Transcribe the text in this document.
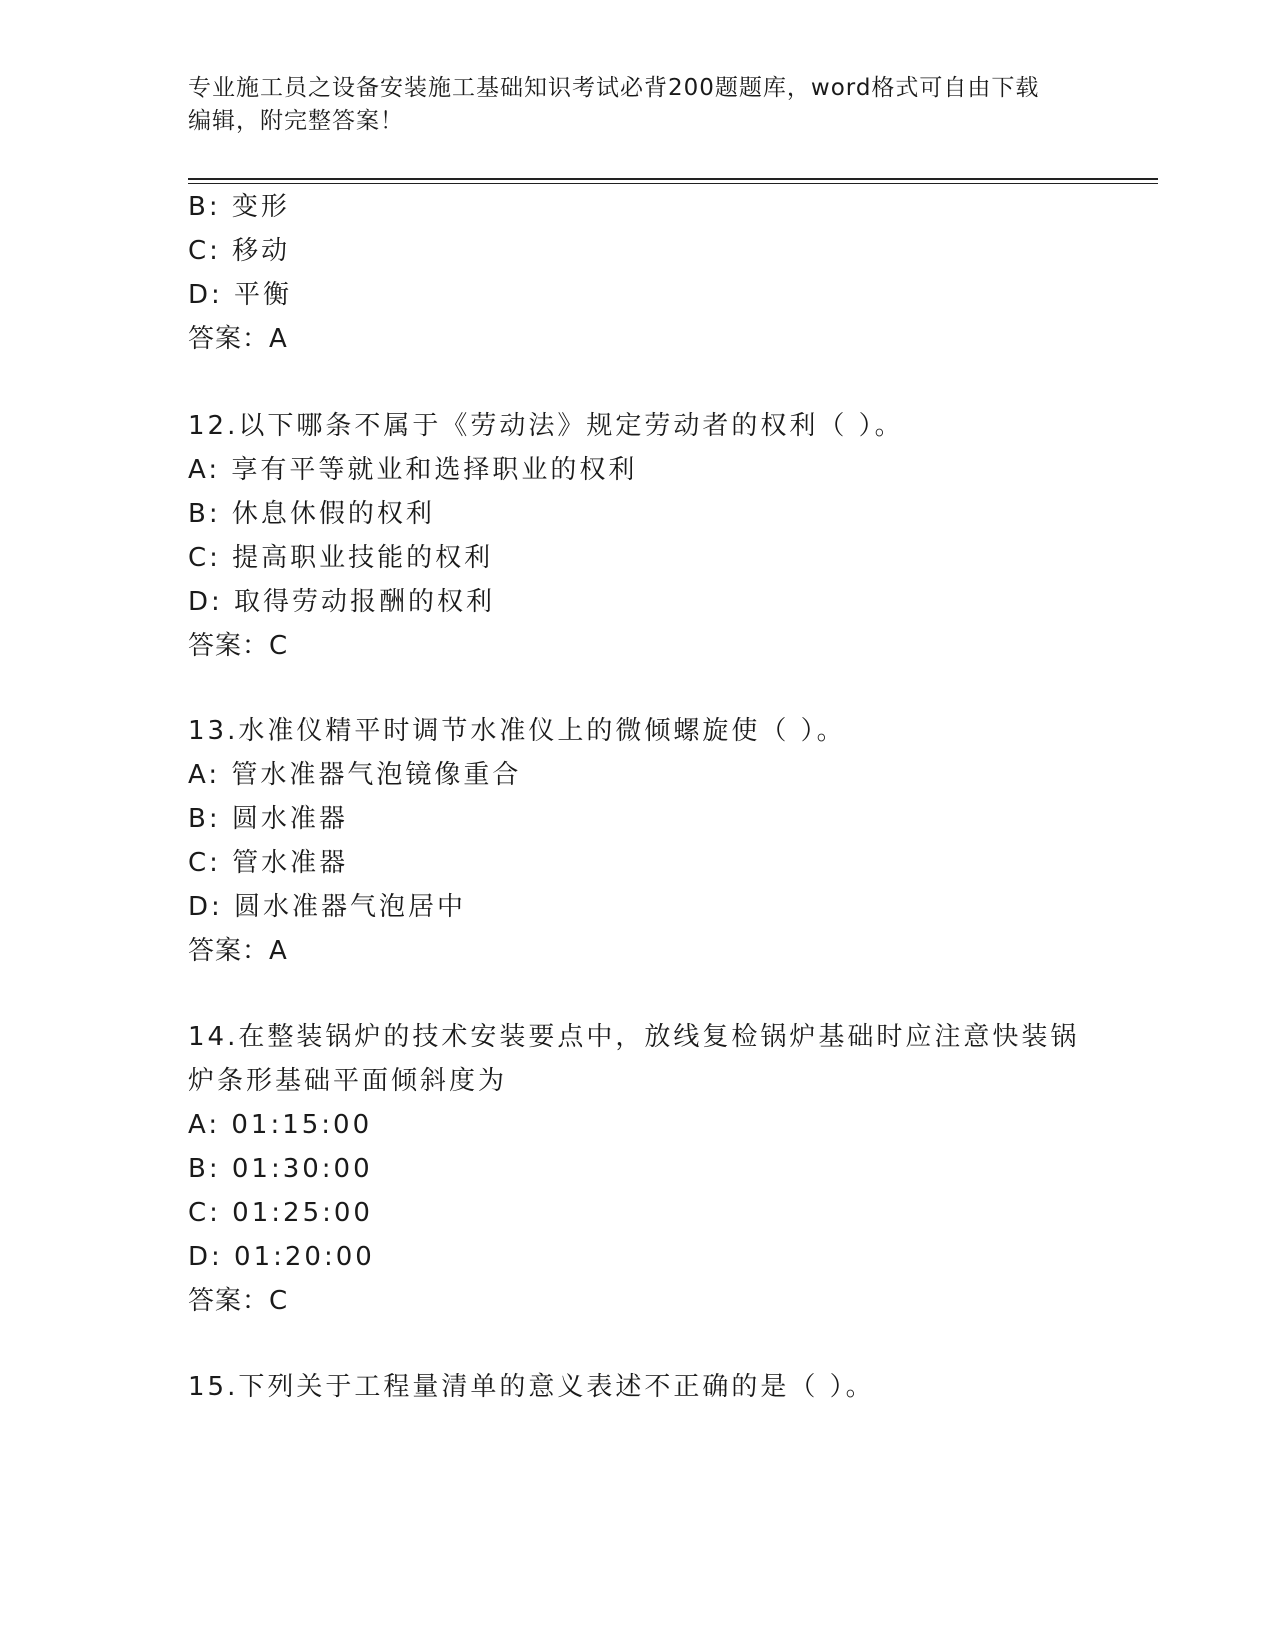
专业施工员之设备安装施工基础知识考试必背200题题库，word格式可自由下载
编辑，附完整答案！
B: 变形
C: 移动
D: 平衡
答案：A
12.以下哪条不属于《劳动法》规定劳动者的权利（ ）。
A: 享有平等就业和选择职业的权利
B: 休息休假的权利
C: 提高职业技能的权利
D: 取得劳动报酬的权利
答案：C
13.水准仪精平时调节水准仪上的微倾螺旋使（ ）。
A: 管水准器气泡镜像重合
B: 圆水准器
C: 管水准器
D: 圆水准器气泡居中
答案：A
14.在整装锅炉的技术安装要点中，放线复检锅炉基础时应注意快装锅
炉条形基础平面倾斜度为
A: 01:15:00
B: 01:30:00
C: 01:25:00
D: 01:20:00
答案：C
15.下列关于工程量清单的意义表述不正确的是（ ）。
